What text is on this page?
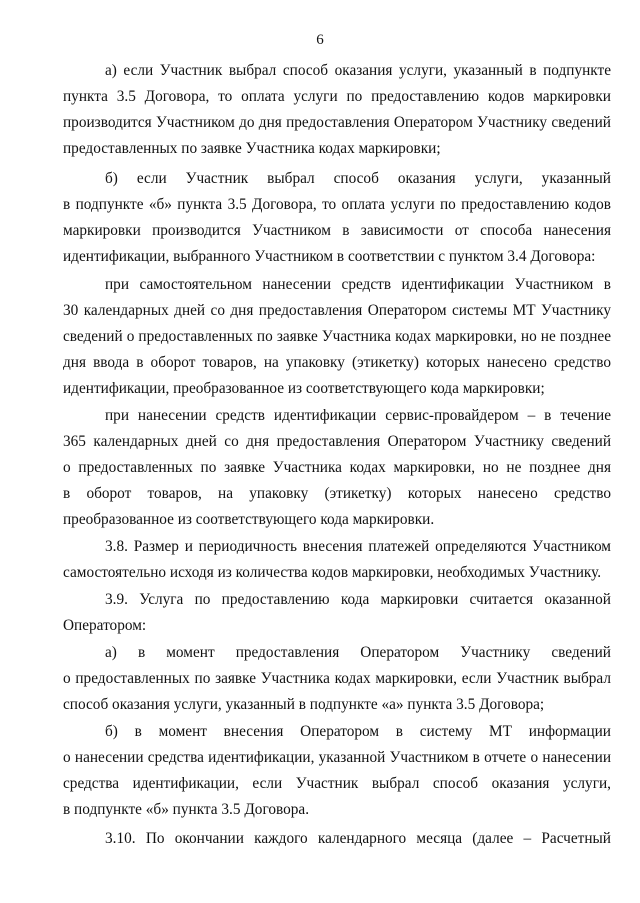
6
а) если Участник выбрал способ оказания услуги, указанный в подпункте
пункта 3.5 Договора, то оплата услуги по предоставлению кодов маркировки
производится Участником до дня предоставления Оператором Участнику сведений
предоставленных по заявке Участника кодах маркировки;
б) если Участник выбрал способ оказания услуги, указанный
в подпункте «б» пункта 3.5 Договора, то оплата услуги по предоставлению кодов
маркировки производится Участником в зависимости от способа нанесения
идентификации, выбранного Участником в соответствии с пунктом 3.4 Договора:
при самостоятельном нанесении средств идентификации Участником в
30 календарных дней со дня предоставления Оператором системы МТ Участнику
сведений о предоставленных по заявке Участника кодах маркировки, но не позднее
дня ввода в оборот товаров, на упаковку (этикетку) которых нанесено средство
идентификации, преобразованное из соответствующего кода маркировки;
при нанесении средств идентификации сервис-провайдером – в течение
365 календарных дней со дня предоставления Оператором Участнику сведений
о предоставленных по заявке Участника кодах маркировки, но не позднее дня
в оборот товаров, на упаковку (этикетку) которых нанесено средство
преобразованное из соответствующего кода маркировки.
3.8. Размер и периодичность внесения платежей определяются Участником
самостоятельно исходя из количества кодов маркировки, необходимых Участнику.
3.9. Услуга по предоставлению кода маркировки считается оказанной
Оператором:
а) в момент предоставления Оператором Участнику сведений
о предоставленных по заявке Участника кодах маркировки, если Участник выбрал
способ оказания услуги, указанный в подпункте «а» пункта 3.5 Договора;
б) в момент внесения Оператором в систему МТ информации
о нанесении средства идентификации, указанной Участником в отчете о нанесении
средства идентификации, если Участник выбрал способ оказания услуги,
в подпункте «б» пункта 3.5 Договора.
3.10. По окончании каждого календарного месяца (далее – Расчетный
